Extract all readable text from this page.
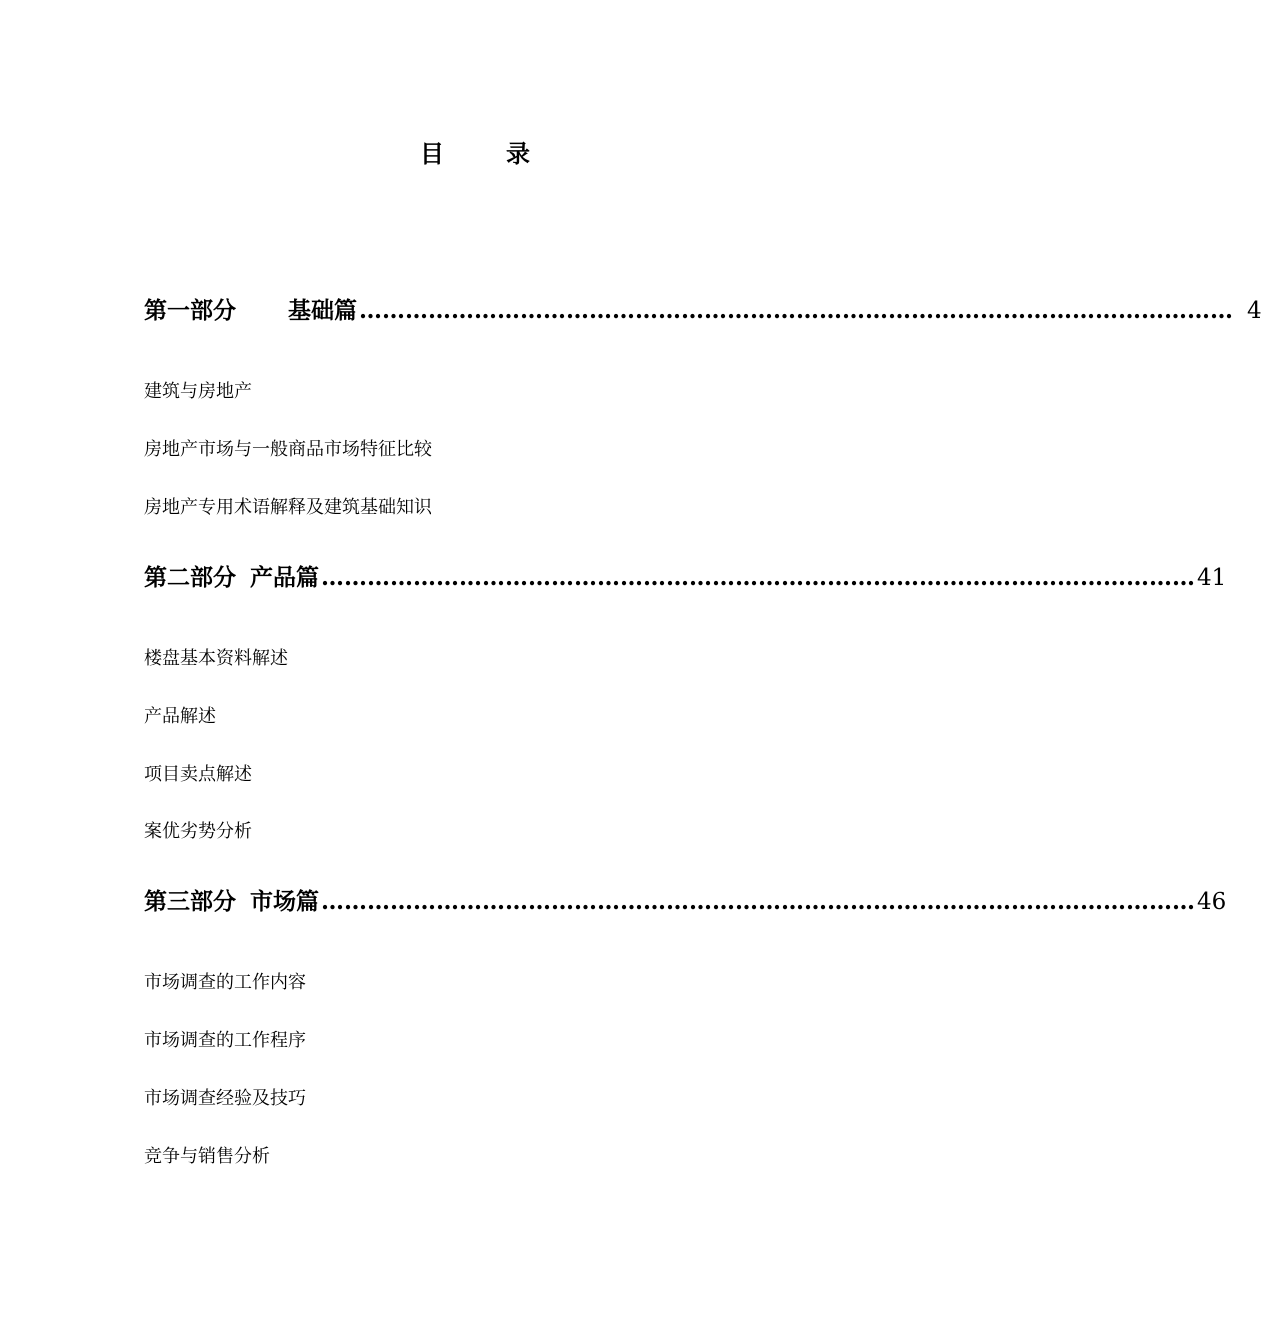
目	录
第一部分 基础篇 …………………………………………………………………………………………………… 4
建筑与房地产
房地产市场与一般商品市场特征比较
房地产专用术语解释及建筑基础知识
第二部分 产品篇 …………………………………………………………………………………………………… 41
楼盘基本资料解述
产品解述
项目卖点解述
案优劣势分析
第三部分 市场篇 …………………………………………………………………………………………………… 46
市场调查的工作内容
市场调查的工作程序
市场调查经验及技巧
竞争与销售分析
